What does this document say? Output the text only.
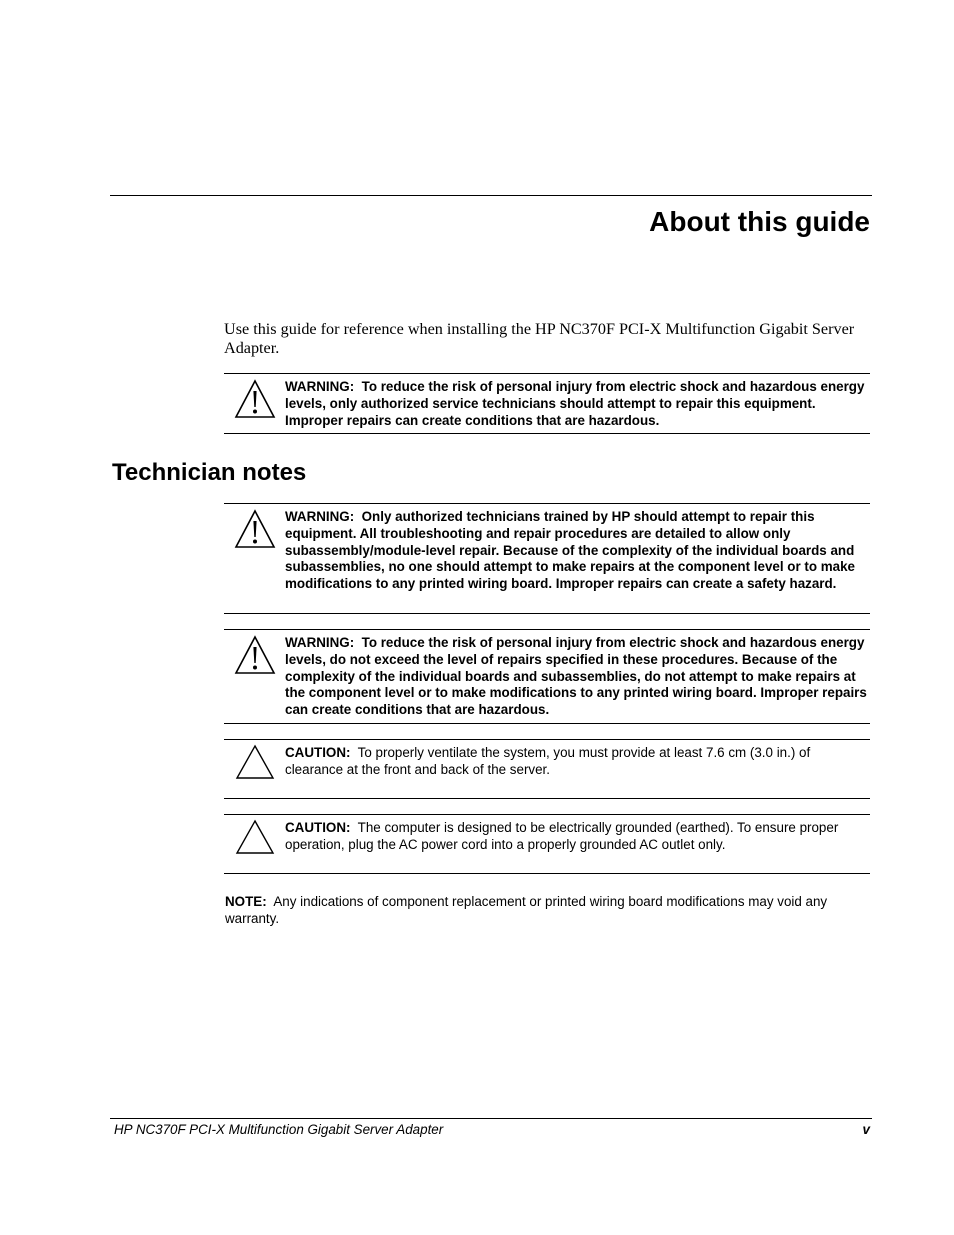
About this guide

Use this guide for reference when installing the HP NC370F PCI-X Multifunction Gigabit Server Adapter.

WARNING: To reduce the risk of personal injury from electric shock and hazardous energy levels, only authorized service technicians should attempt to repair this equipment. Improper repairs can create conditions that are hazardous.
Technician notes
WARNING: Only authorized technicians trained by HP should attempt to repair this equipment. All troubleshooting and repair procedures are detailed to allow only subassembly/module-level repair. Because of the complexity of the individual boards and subassemblies, no one should attempt to make repairs at the component level or to make modifications to any printed wiring board. Improper repairs can create a safety hazard.
WARNING: To reduce the risk of personal injury from electric shock and hazardous energy levels, do not exceed the level of repairs specified in these procedures. Because of the complexity of the individual boards and subassemblies, do not attempt to make repairs at the component level or to make modifications to any printed wiring board. Improper repairs can create conditions that are hazardous.
CAUTION: To properly ventilate the system, you must provide at least 7.6 cm (3.0 in.) of clearance at the front and back of the server.
CAUTION: The computer is designed to be electrically grounded (earthed). To ensure proper operation, plug the AC power cord into a properly grounded AC outlet only.

NOTE: Any indications of component replacement or printed wiring board modifications may void any warranty.

HP NC370F PCI-X Multifunction Gigabit Server Adapter	v
